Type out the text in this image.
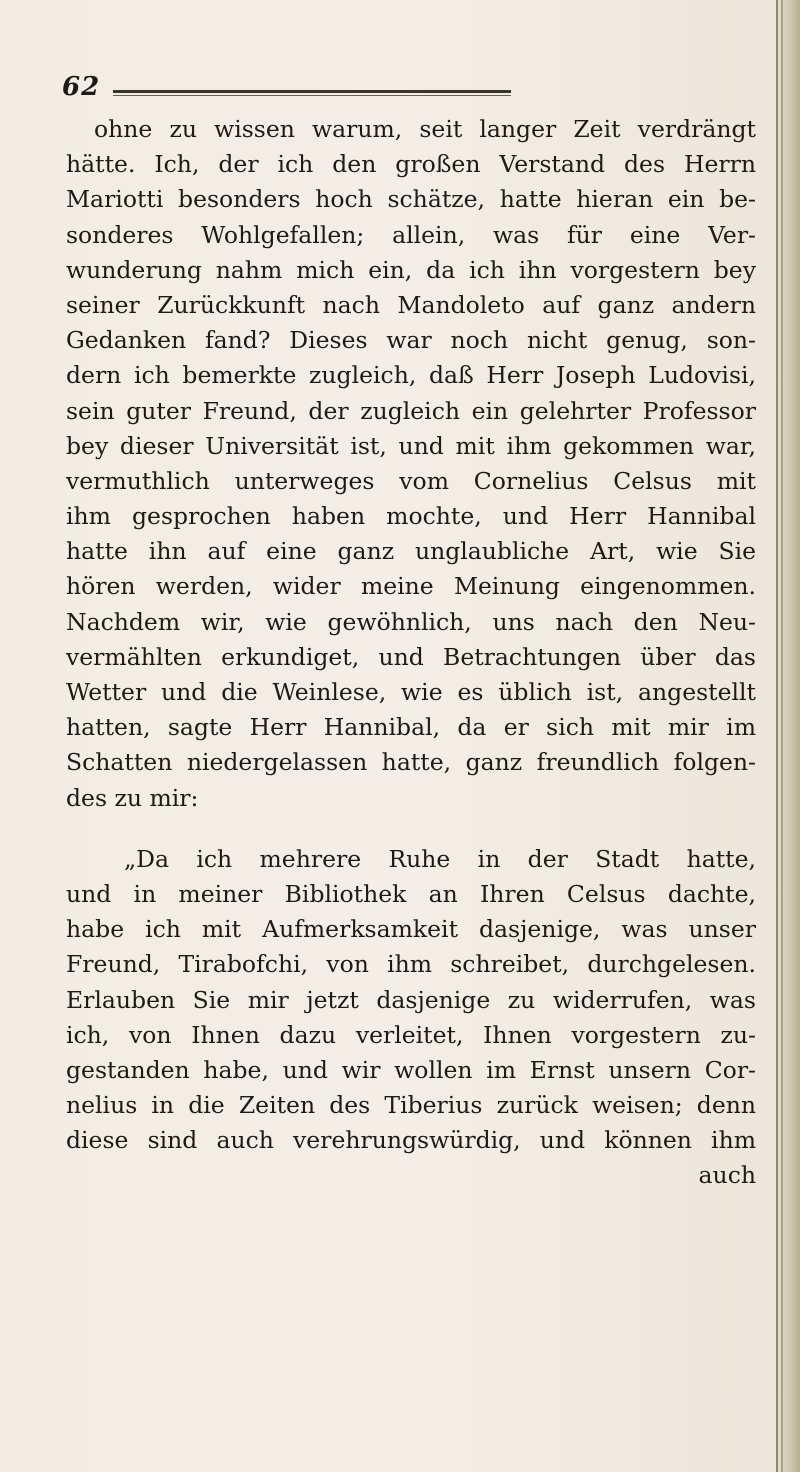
62
ohne zu wissen warum, seit langer Zeit verdrängt
hätte. Ich, der ich den großen Verstand des Herrn
Mariotti besonders hoch schätze, hatte hieran ein be-
sonderes Wohlgefallen; allein, was für eine Ver-
wunderung nahm mich ein, da ich ihn vorgestern bey
seiner Zurückkunft nach Mandoleto auf ganz andern
Gedanken fand? Dieses war noch nicht genug, son-
dern ich bemerkte zugleich, daß Herr Joseph Ludovisi,
sein guter Freund, der zugleich ein gelehrter Professor
bey dieser Universität ist, und mit ihm gekommen war,
vermuthlich unterweges vom Cornelius Celsus mit
ihm gesprochen haben mochte, und Herr Hannibal
hatte ihn auf eine ganz unglaubliche Art, wie Sie
hören werden, wider meine Meinung eingenommen.
Nachdem wir, wie gewöhnlich, uns nach den Neu-
vermählten erkundiget, und Betrachtungen über das
Wetter und die Weinlese, wie es üblich ist, angestellt
hatten, sagte Herr Hannibal, da er sich mit mir im
Schatten niedergelassen hatte, ganz freundlich folgen-
des zu mir:
„Da ich mehrere Ruhe in der Stadt hatte,
und in meiner Bibliothek an Ihren Celsus dachte,
habe ich mit Aufmerksamkeit dasjenige, was unser
Freund, Tirabofchi, von ihm schreibet, durchgelesen.
Erlauben Sie mir jetzt dasjenige zu widerrufen, was
ich, von Ihnen dazu verleitet, Ihnen vorgestern zu-
gestanden habe, und wir wollen im Ernst unsern Cor-
nelius in die Zeiten des Tiberius zurück weisen; denn
diese sind auch verehrungswürdig, und können ihm
auch
